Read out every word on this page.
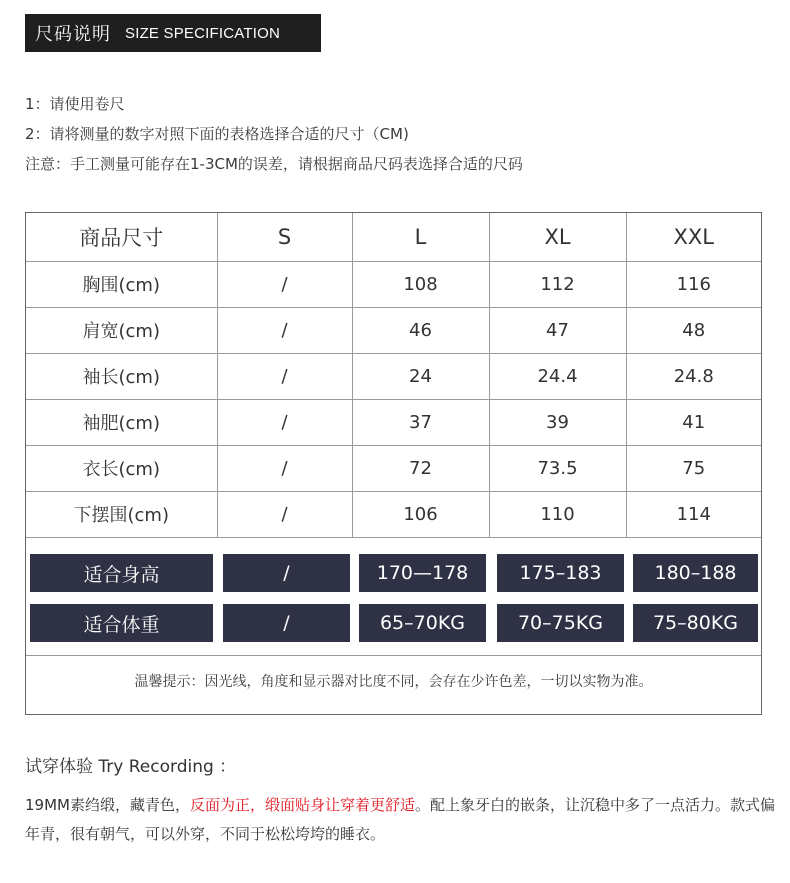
尺码说明 SIZE SPECIFICATION

1：请使用卷尺

2：请将测量的数字对照下面的表格选择合适的尺寸（CM)

注意：手工测量可能存在1-3CM的误差，请根据商品尺码表选择合适的尺码

商品尺寸	S	L	XL	XXL
胸围(cm)	/	108	112	116
肩宽(cm)	/	46	47	48
袖长(cm)	/	24	24.4	24.8
袖肥(cm)	/	37	39	41
衣长(cm)	/	72	73.5	75
下摆围(cm)	/	106	110	114
适合身高	/	170—178	175–183	180–188
适合体重	/	65–70KG	70–75KG	75–80KG
温馨提示：因光线，角度和显示器对比度不同，会存在少许色差，一切以实物为准。
试穿体验 Try Recording ：
19MM素绉缎，藏青色，反面为正，缎面贴身让穿着更舒适。配上象牙白的嵌条，让沉稳中多了一点活力。款式偏年青，很有朝气，可以外穿，不同于松松垮垮的睡衣。
